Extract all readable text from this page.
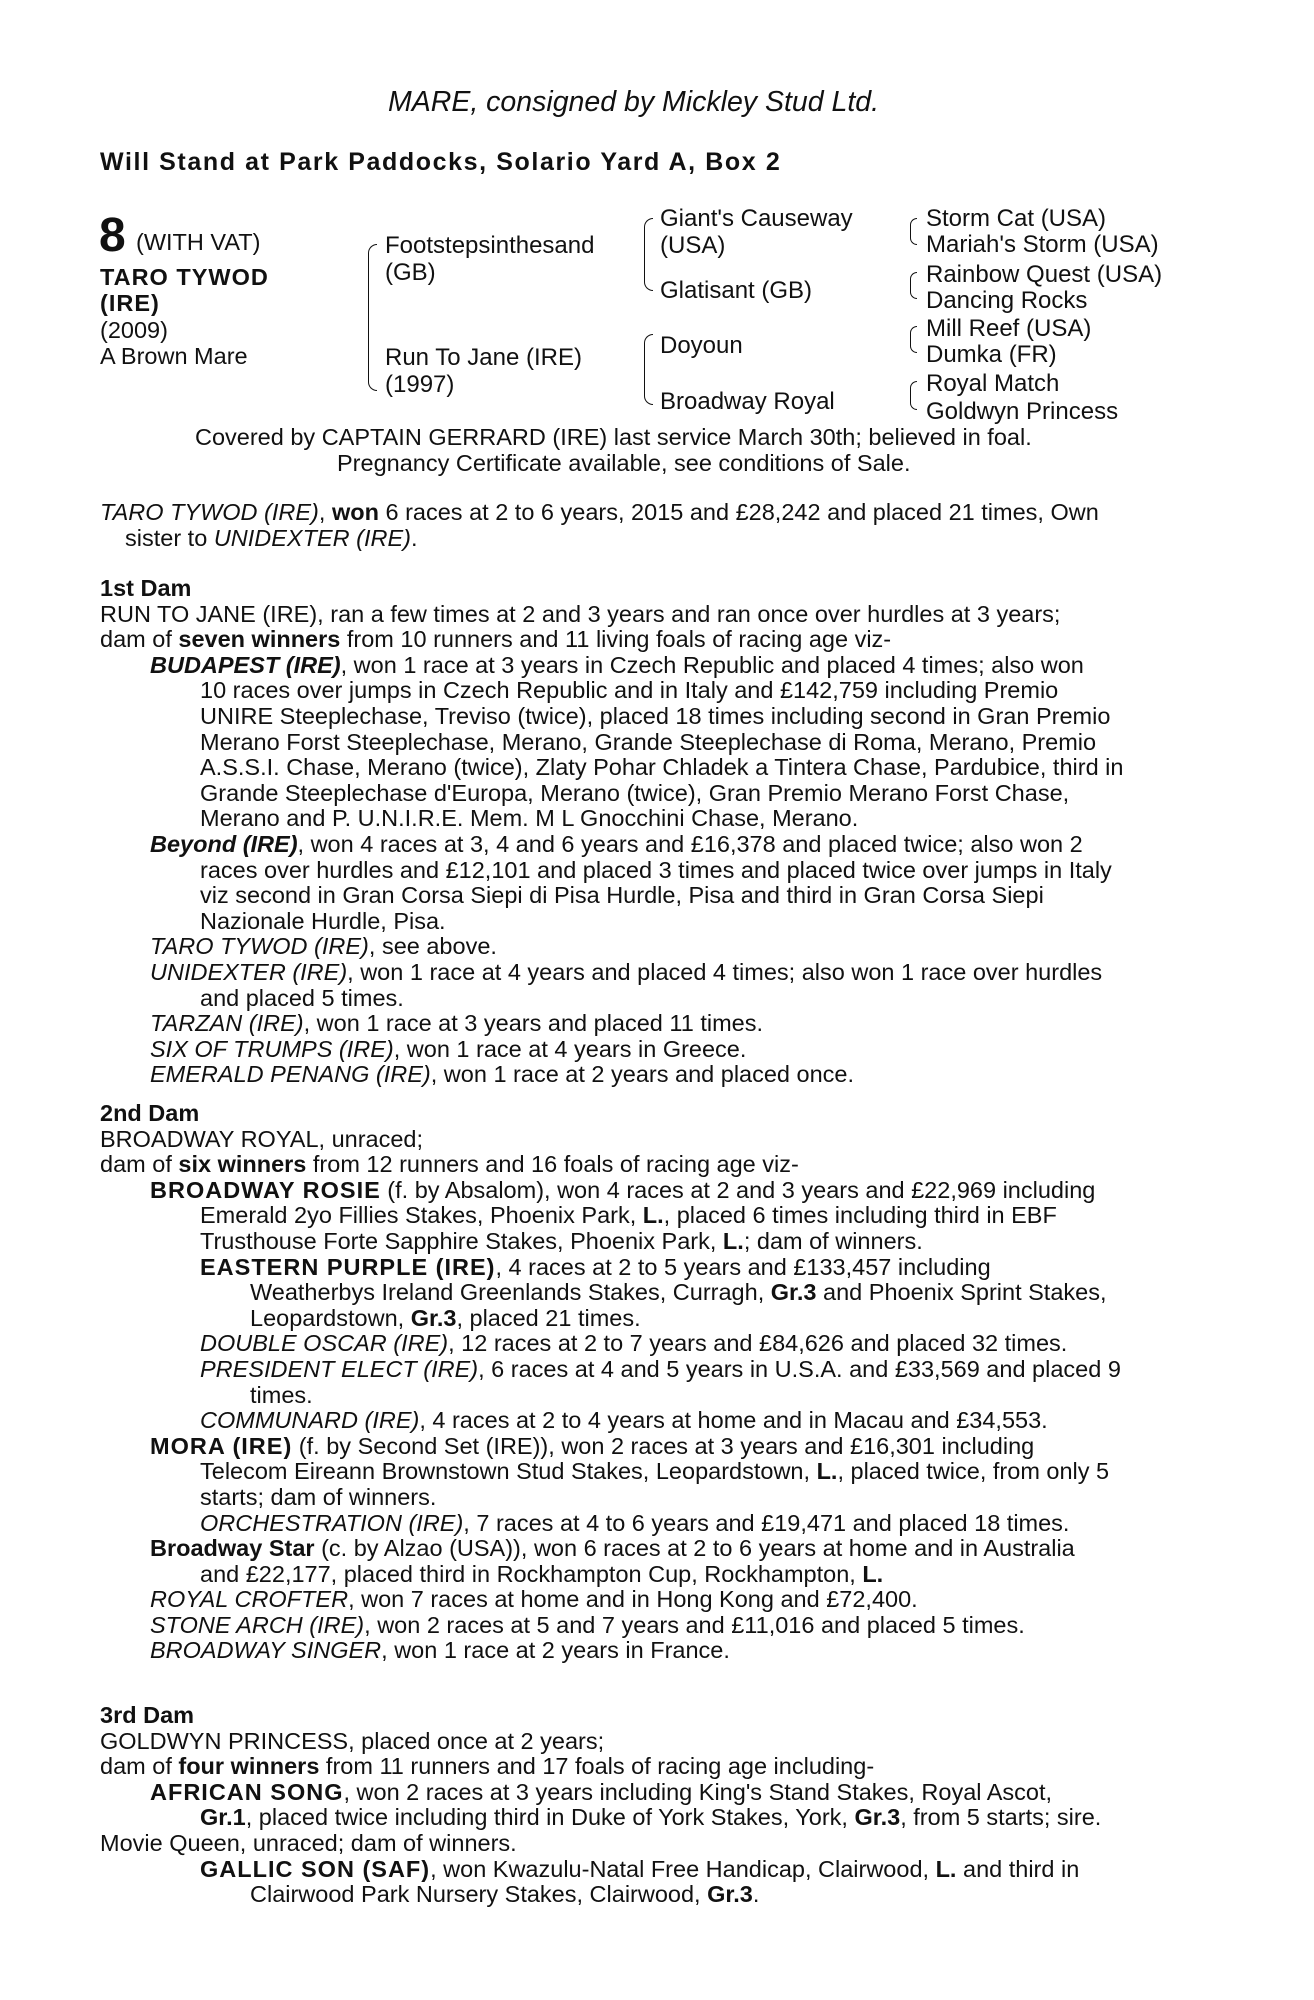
MARE, consigned by Mickley Stud Ltd.
Will Stand at Park Paddocks, Solario Yard A, Box 2
8 (WITH VAT)
TARO TYWOD
(IRE)
(2009)
A Brown Mare
Footstepsinthesand
(GB)
Run To Jane (IRE)
(1997)
Giant's Causeway
(USA)
Glatisant (GB)
Doyoun
Broadway Royal
Storm Cat (USA)
Mariah's Storm (USA)
Rainbow Quest (USA)
Dancing Rocks
Mill Reef (USA)
Dumka (FR)
Royal Match
Goldwyn Princess
Covered by CAPTAIN GERRARD (IRE) last service March 30th; believed in foal.
Pregnancy Certificate available, see conditions of Sale.
TARO TYWOD (IRE), won 6 races at 2 to 6 years, 2015 and £28,242 and placed 21 times, Own
sister to UNIDEXTER (IRE).
1st Dam
RUN TO JANE (IRE), ran a few times at 2 and 3 years and ran once over hurdles at 3 years;
dam of seven winners from 10 runners and 11 living foals of racing age viz-
BUDAPEST (IRE), won 1 race at 3 years in Czech Republic and placed 4 times; also won
10 races over jumps in Czech Republic and in Italy and £142,759 including Premio
UNIRE Steeplechase, Treviso (twice), placed 18 times including second in Gran Premio
Merano Forst Steeplechase, Merano, Grande Steeplechase di Roma, Merano, Premio
A.S.S.I. Chase, Merano (twice), Zlaty Pohar Chladek a Tintera Chase, Pardubice, third in
Grande Steeplechase d'Europa, Merano (twice), Gran Premio Merano Forst Chase,
Merano and P. U.N.I.R.E. Mem. M L Gnocchini Chase, Merano.
Beyond (IRE), won 4 races at 3, 4 and 6 years and £16,378 and placed twice; also won 2
races over hurdles and £12,101 and placed 3 times and placed twice over jumps in Italy
viz second in Gran Corsa Siepi di Pisa Hurdle, Pisa and third in Gran Corsa Siepi
Nazionale Hurdle, Pisa.
TARO TYWOD (IRE), see above.
UNIDEXTER (IRE), won 1 race at 4 years and placed 4 times; also won 1 race over hurdles
and placed 5 times.
TARZAN (IRE), won 1 race at 3 years and placed 11 times.
SIX OF TRUMPS (IRE), won 1 race at 4 years in Greece.
EMERALD PENANG (IRE), won 1 race at 2 years and placed once.
2nd Dam
BROADWAY ROYAL, unraced;
dam of six winners from 12 runners and 16 foals of racing age viz-
BROADWAY ROSIE (f. by Absalom), won 4 races at 2 and 3 years and £22,969 including
Emerald 2yo Fillies Stakes, Phoenix Park, L., placed 6 times including third in EBF
Trusthouse Forte Sapphire Stakes, Phoenix Park, L.; dam of winners.
EASTERN PURPLE (IRE), 4 races at 2 to 5 years and £133,457 including
Weatherbys Ireland Greenlands Stakes, Curragh, Gr.3 and Phoenix Sprint Stakes,
Leopardstown, Gr.3, placed 21 times.
DOUBLE OSCAR (IRE), 12 races at 2 to 7 years and £84,626 and placed 32 times.
PRESIDENT ELECT (IRE), 6 races at 4 and 5 years in U.S.A. and £33,569 and placed 9
times.
COMMUNARD (IRE), 4 races at 2 to 4 years at home and in Macau and £34,553.
MORA (IRE) (f. by Second Set (IRE)), won 2 races at 3 years and £16,301 including
Telecom Eireann Brownstown Stud Stakes, Leopardstown, L., placed twice, from only 5
starts; dam of winners.
ORCHESTRATION (IRE), 7 races at 4 to 6 years and £19,471 and placed 18 times.
Broadway Star (c. by Alzao (USA)), won 6 races at 2 to 6 years at home and in Australia
and £22,177, placed third in Rockhampton Cup, Rockhampton, L.
ROYAL CROFTER, won 7 races at home and in Hong Kong and £72,400.
STONE ARCH (IRE), won 2 races at 5 and 7 years and £11,016 and placed 5 times.
BROADWAY SINGER, won 1 race at 2 years in France.
3rd Dam
GOLDWYN PRINCESS, placed once at 2 years;
dam of four winners from 11 runners and 17 foals of racing age including-
AFRICAN SONG, won 2 races at 3 years including King's Stand Stakes, Royal Ascot,
Gr.1, placed twice including third in Duke of York Stakes, York, Gr.3, from 5 starts; sire.
Movie Queen, unraced; dam of winners.
GALLIC SON (SAF), won Kwazulu-Natal Free Handicap, Clairwood, L. and third in
Clairwood Park Nursery Stakes, Clairwood, Gr.3.
